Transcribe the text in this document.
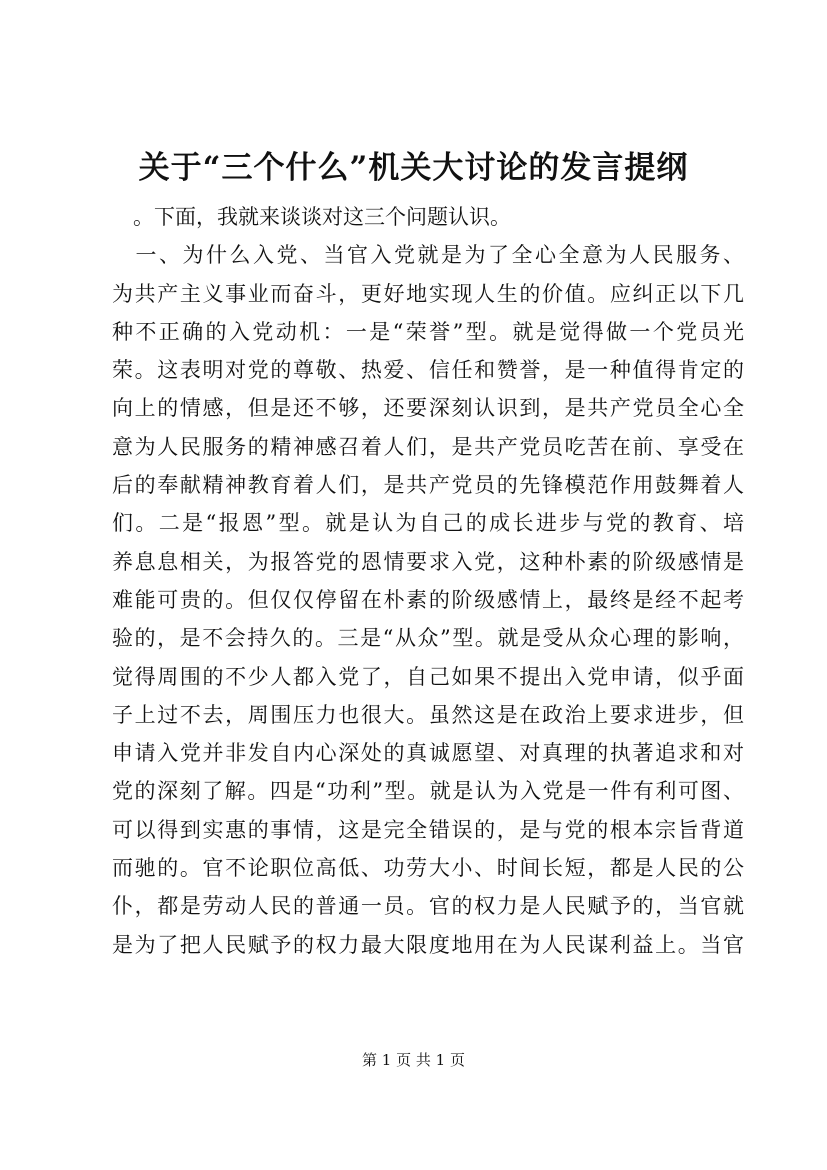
关于“三个什么”机关大讨论的发言提纲
　。下面，我就来谈谈对这三个问题认识。
　一、为什么入党、当官入党就是为了全心全意为人民服务、
为共产主义事业而奋斗，更好地实现人生的价值。应纠正以下几
种不正确的入党动机：一是“荣誉”型。就是觉得做一个党员光
荣。这表明对党的尊敬、热爱、信任和赞誉，是一种值得肯定的
向上的情感，但是还不够，还要深刻认识到，是共产党员全心全
意为人民服务的精神感召着人们，是共产党员吃苦在前、享受在
后的奉献精神教育着人们，是共产党员的先锋模范作用鼓舞着人
们。二是“报恩”型。就是认为自己的成长进步与党的教育、培
养息息相关，为报答党的恩情要求入党，这种朴素的阶级感情是
难能可贵的。但仅仅停留在朴素的阶级感情上，最终是经不起考
验的，是不会持久的。三是“从众”型。就是受从众心理的影响，
觉得周围的不少人都入党了，自己如果不提出入党申请，似乎面
子上过不去，周围压力也很大。虽然这是在政治上要求进步，但
申请入党并非发自内心深处的真诚愿望、对真理的执著追求和对
党的深刻了解。四是“功利”型。就是认为入党是一件有利可图、
可以得到实惠的事情，这是完全错误的，是与党的根本宗旨背道
而驰的。官不论职位高低、功劳大小、时间长短，都是人民的公
仆，都是劳动人民的普通一员。官的权力是人民赋予的，当官就
是为了把人民赋予的权力最大限度地用在为人民谋利益上。当官
第 1 页 共 1 页
